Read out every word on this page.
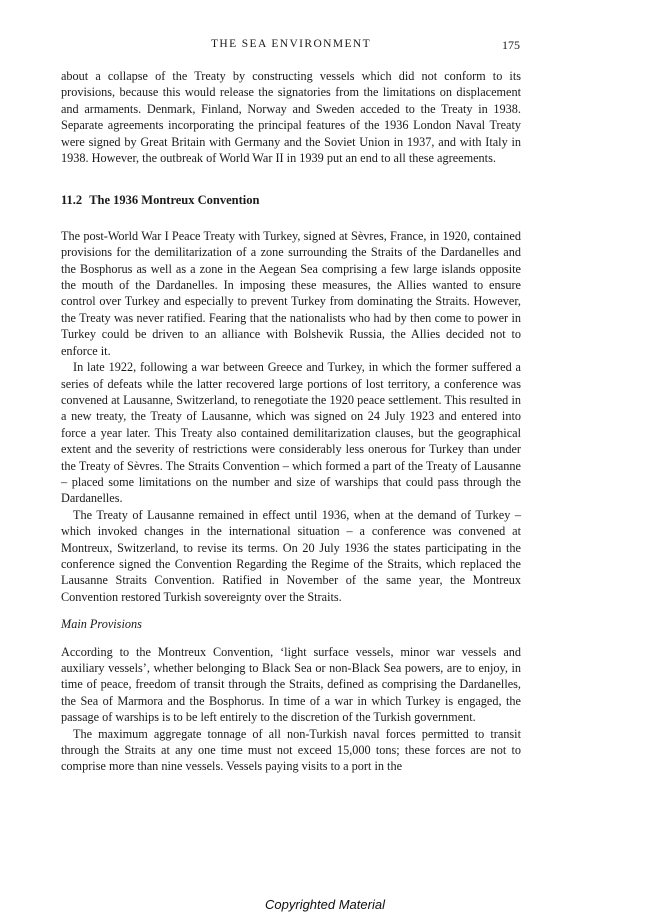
THE SEA ENVIRONMENT	175

about a collapse of the Treaty by constructing vessels which did not conform to its provisions, because this would release the signatories from the limitations on displacement and armaments. Denmark, Finland, Norway and Sweden acceded to the Treaty in 1938. Separate agreements incorporating the principal features of the 1936 London Naval Treaty were signed by Great Britain with Germany and the Soviet Union in 1937, and with Italy in 1938. However, the outbreak of World War II in 1939 put an end to all these agreements.

11.2 The 1936 Montreux Convention

The post-World War I Peace Treaty with Turkey, signed at Sèvres, France, in 1920, contained provisions for the demilitarization of a zone surrounding the Straits of the Dardanelles and the Bosphorus as well as a zone in the Aegean Sea comprising a few large islands opposite the mouth of the Dardanelles. In imposing these measures, the Allies wanted to ensure control over Turkey and especially to prevent Turkey from dominating the Straits. However, the Treaty was never ratified. Fearing that the nationalists who had by then come to power in Turkey could be driven to an alliance with Bolshevik Russia, the Allies decided not to enforce it.

In late 1922, following a war between Greece and Turkey, in which the former suffered a series of defeats while the latter recovered large portions of lost territory, a conference was convened at Lausanne, Switzerland, to renegotiate the 1920 peace settlement. This resulted in a new treaty, the Treaty of Lausanne, which was signed on 24 July 1923 and entered into force a year later. This Treaty also contained demilitarization clauses, but the geographical extent and the severity of restrictions were considerably less onerous for Turkey than under the Treaty of Sèvres. The Straits Convention – which formed a part of the Treaty of Lausanne – placed some limitations on the number and size of warships that could pass through the Dardanelles.

The Treaty of Lausanne remained in effect until 1936, when at the demand of Turkey – which invoked changes in the international situation – a conference was convened at Montreux, Switzerland, to revise its terms. On 20 July 1936 the states participating in the conference signed the Convention Regarding the Regime of the Straits, which replaced the Lausanne Straits Convention. Ratified in November of the same year, the Montreux Convention restored Turkish sovereignty over the Straits.

Main Provisions

According to the Montreux Convention, ‘light surface vessels, minor war vessels and auxiliary vessels’, whether belonging to Black Sea or non-Black Sea powers, are to enjoy, in time of peace, freedom of transit through the Straits, defined as comprising the Dardanelles, the Sea of Marmora and the Bosphorus. In time of a war in which Turkey is engaged, the passage of warships is to be left entirely to the discretion of the Turkish government.

The maximum aggregate tonnage of all non-Turkish naval forces permitted to transit through the Straits at any one time must not exceed 15,000 tons; these forces are not to comprise more than nine vessels. Vessels paying visits to a port in the

Copyrighted Material
